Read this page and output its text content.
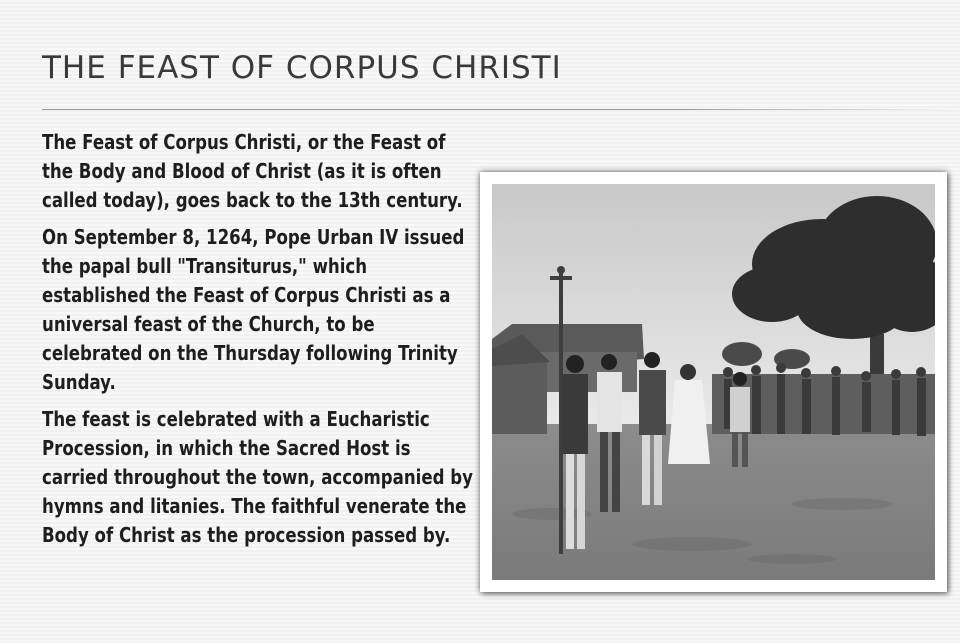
THE FEAST OF CORPUS CHRISTI

The Feast of Corpus Christi, or the Feast of the Body and Blood of Christ (as it is often called today), goes back to the 13th century.

On September 8, 1264, Pope Urban IV issued the papal bull "Transiturus," which established the Feast of Corpus Christi as a universal feast of the Church, to be celebrated on the Thursday following Trinity Sunday.

The feast is celebrated with a Eucharistic Procession, in which the Sacred Host is carried throughout the town, accompanied by hymns and litanies. The faithful venerate the Body of Christ as the procession passed by.
